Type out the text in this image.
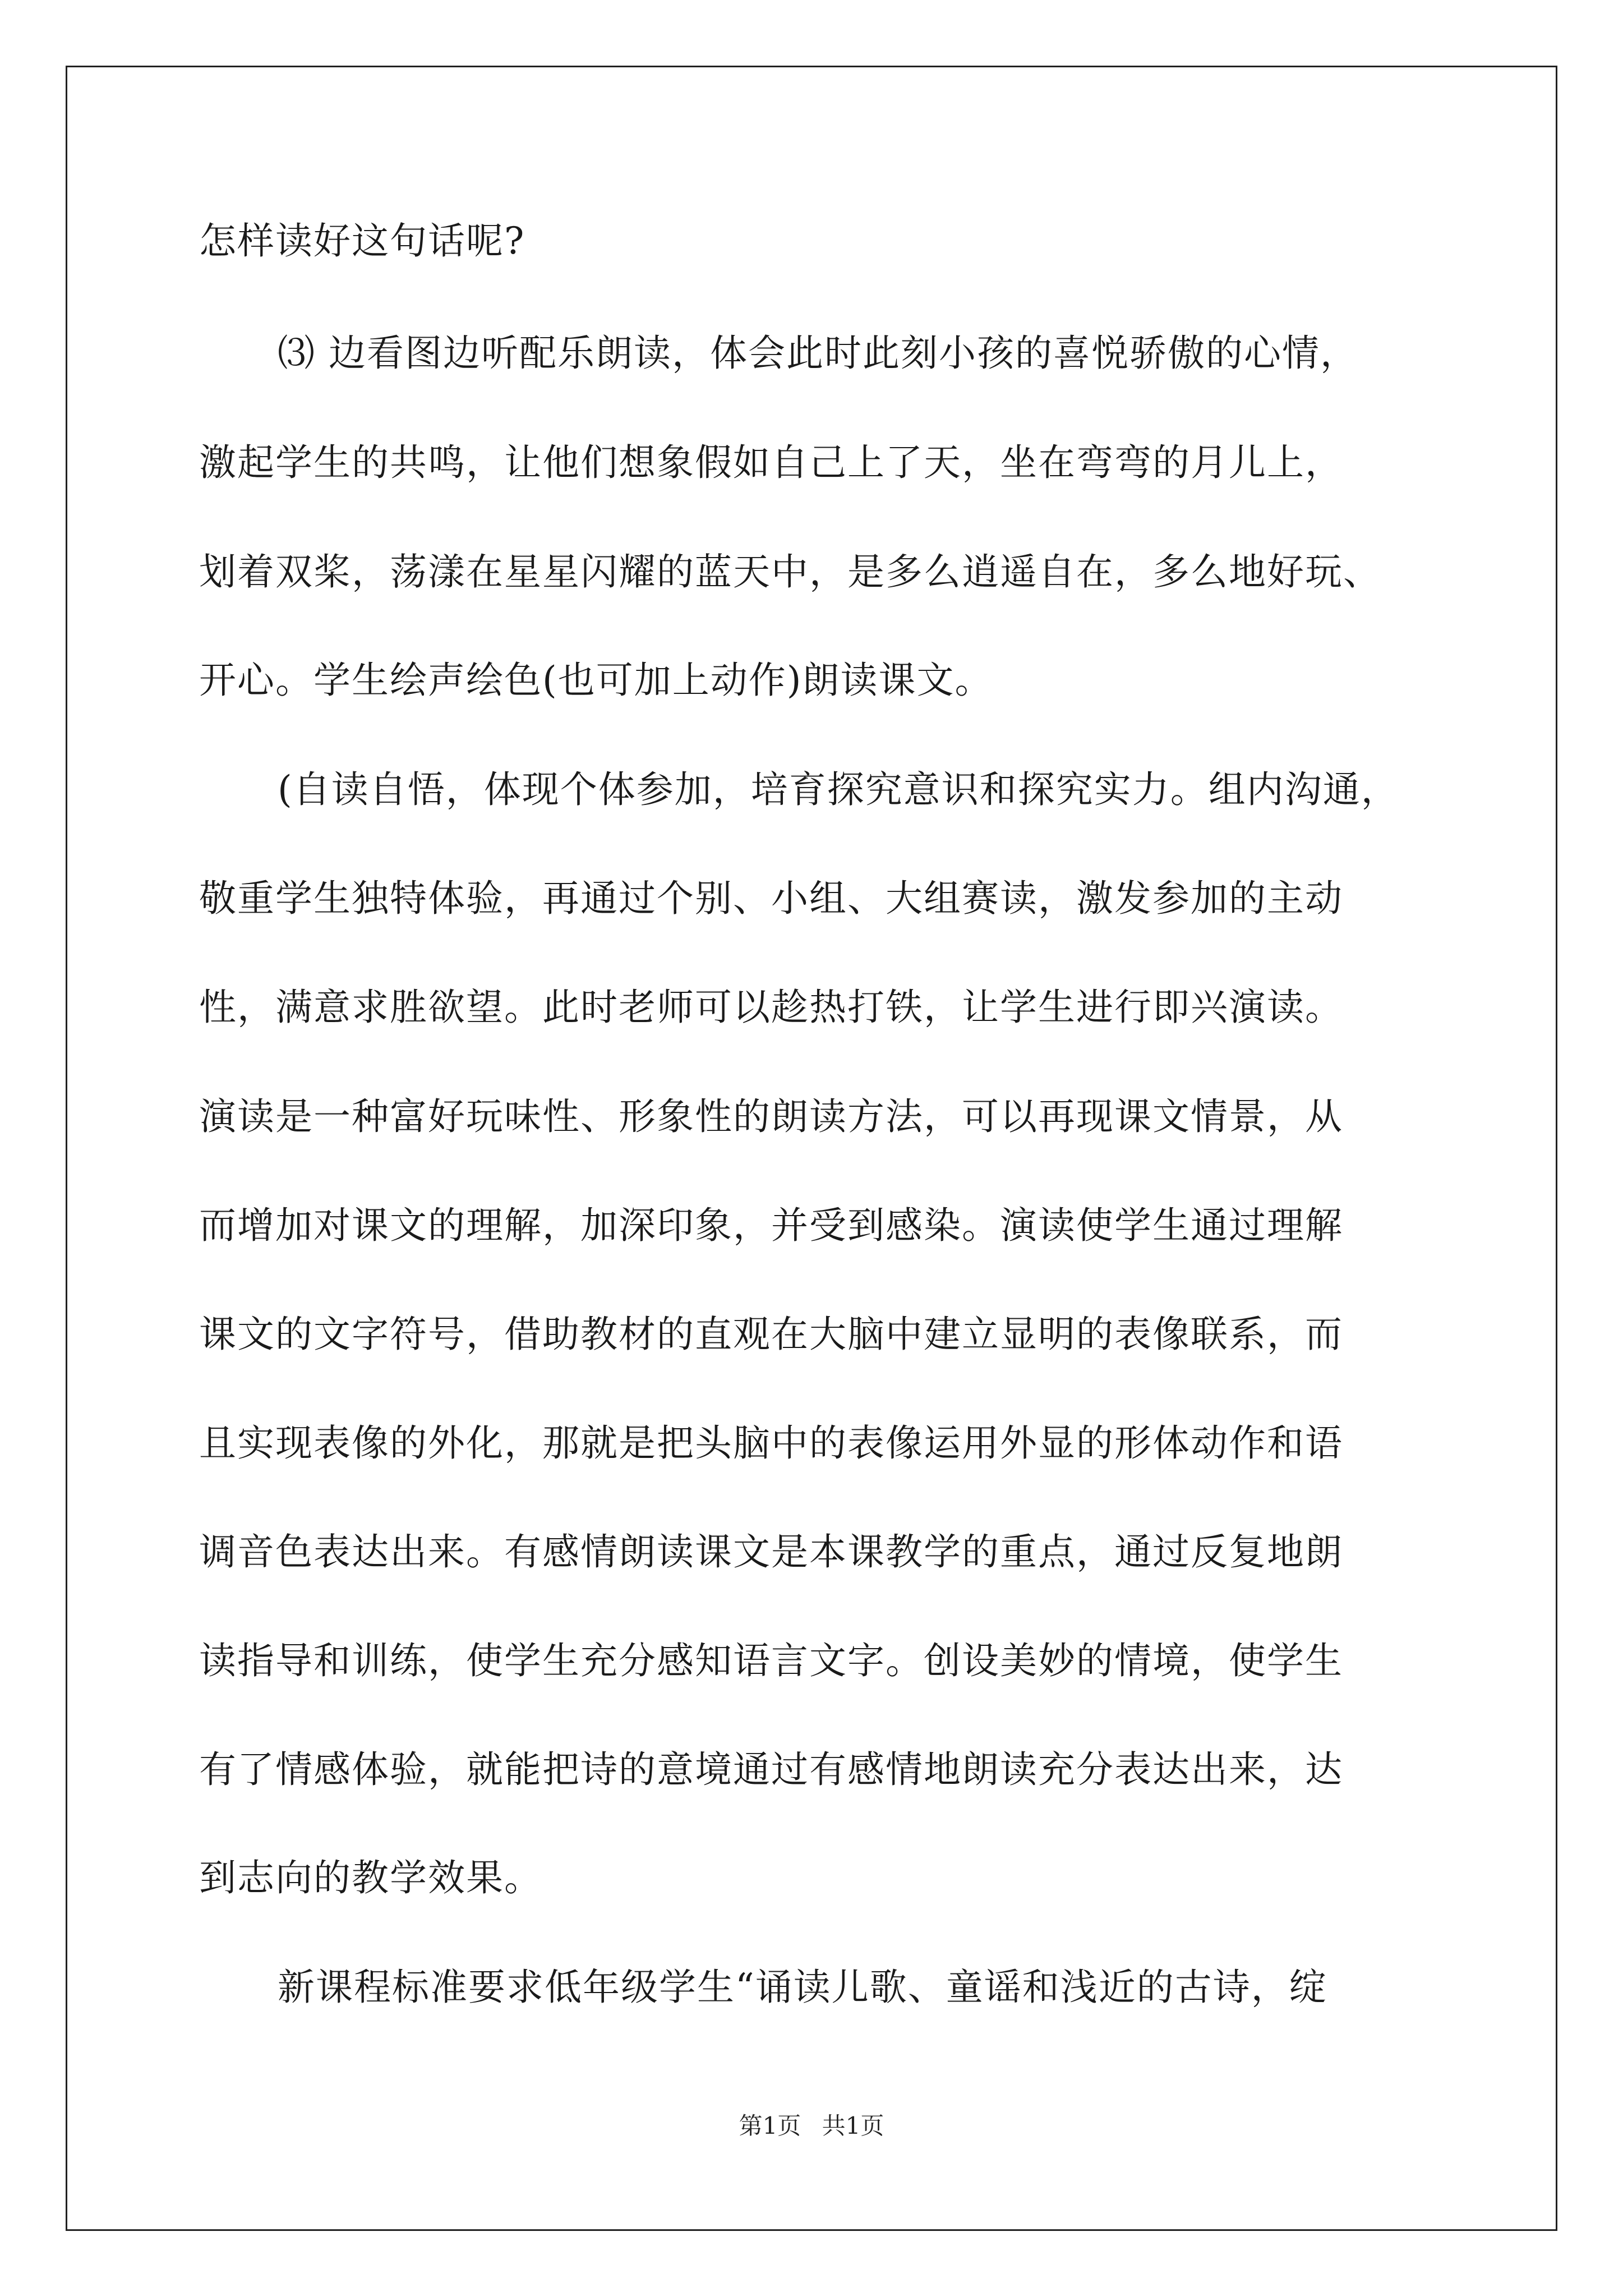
怎样读好这句话呢?
⑶ 边看图边听配乐朗读，体会此时此刻小孩的喜悦骄傲的心情，
激起学生的共鸣，让他们想象假如自己上了天，坐在弯弯的月儿上，
划着双桨，荡漾在星星闪耀的蓝天中，是多么逍遥自在，多么地好玩、
开心。学生绘声绘色(也可加上动作)朗读课文。
(自读自悟，体现个体参加，培育探究意识和探究实力。组内沟通，
敬重学生独特体验，再通过个别、小组、大组赛读，激发参加的主动
性，满意求胜欲望。此时老师可以趁热打铁，让学生进行即兴演读。
演读是一种富好玩味性、形象性的朗读方法，可以再现课文情景，从
而增加对课文的理解，加深印象，并受到感染。演读使学生通过理解
课文的文字符号，借助教材的直观在大脑中建立显明的表像联系，而
且实现表像的外化，那就是把头脑中的表像运用外显的形体动作和语
调音色表达出来。有感情朗读课文是本课教学的重点，通过反复地朗
读指导和训练，使学生充分感知语言文字。创设美妙的情境，使学生
有了情感体验，就能把诗的意境通过有感情地朗读充分表达出来，达
到志向的教学效果。
新课程标准要求低年级学生“诵读儿歌、童谣和浅近的古诗，绽
第1页 共1页
